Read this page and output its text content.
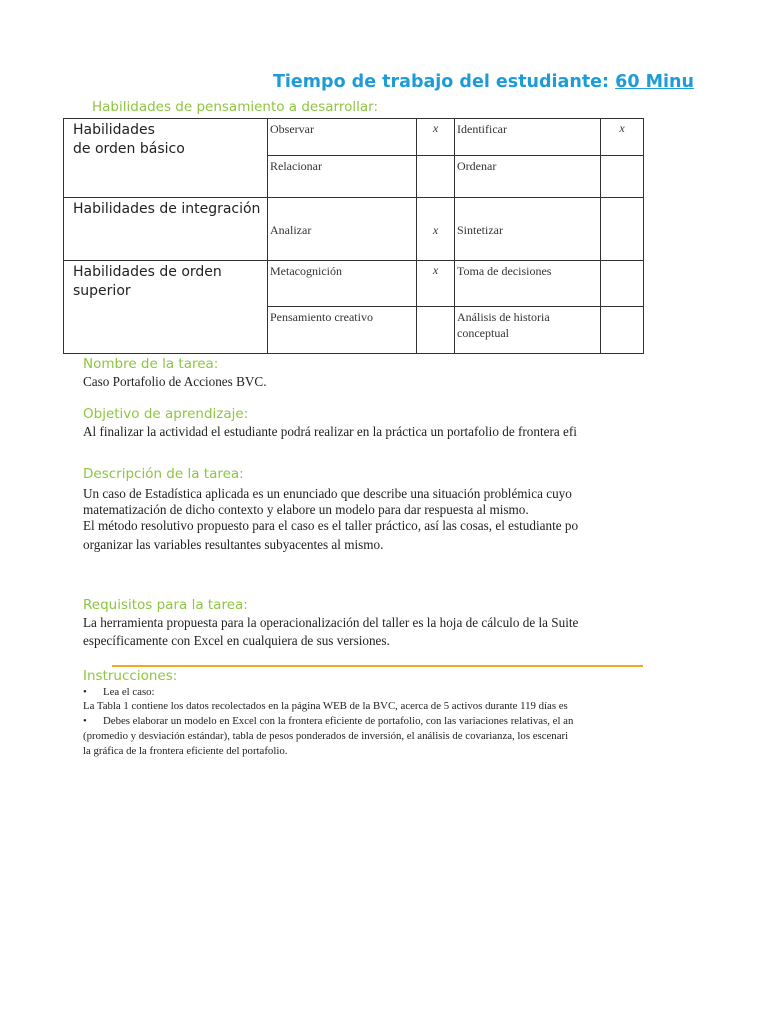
Tiempo de trabajo del estudiante: 60 Minu
Habilidades de pensamiento a desarrollar:
Habilidades
de orden básico	Observar	x	Identificar	x	
	Relacionar		Ordenar		

Habilidades de integración	Analizar	x	Sintetizar		

Habilidades de orden
superior	Metacognición	x	Toma de decisiones		
	Pensamiento creativo		Análisis de historia
conceptual		

Nombre de la tarea:
Caso Portafolio de Acciones BVC.
Objetivo de aprendizaje:
Al finalizar la actividad el estudiante podrá realizar en la práctica un portafolio de frontera efi
Descripción de la tarea:
Un caso de Estadística aplicada es un enunciado que describe una situación problémica cuyo
matematización de dicho contexto y elabore un modelo para dar respuesta al mismo.
El método resolutivo propuesto para el caso es el taller práctico, así las cosas, el estudiante po
organizar las variables resultantes subyacentes al mismo.
Requisitos para la tarea:
La herramienta propuesta para la operacionalización del taller es la hoja de cálculo de la Suite
específicamente con Excel en cualquiera de sus versiones.
Instrucciones:
• Lea el caso:
La Tabla 1 contiene los datos recolectados en la página WEB de la BVC, acerca de 5 activos durante 119 días es
• Debes elaborar un modelo en Excel con la frontera eficiente de portafolio, con las variaciones relativas, el an
(promedio y desviación estándar), tabla de pesos ponderados de inversión, el análisis de covarianza, los escenari
la gráfica de la frontera eficiente del portafolio.
